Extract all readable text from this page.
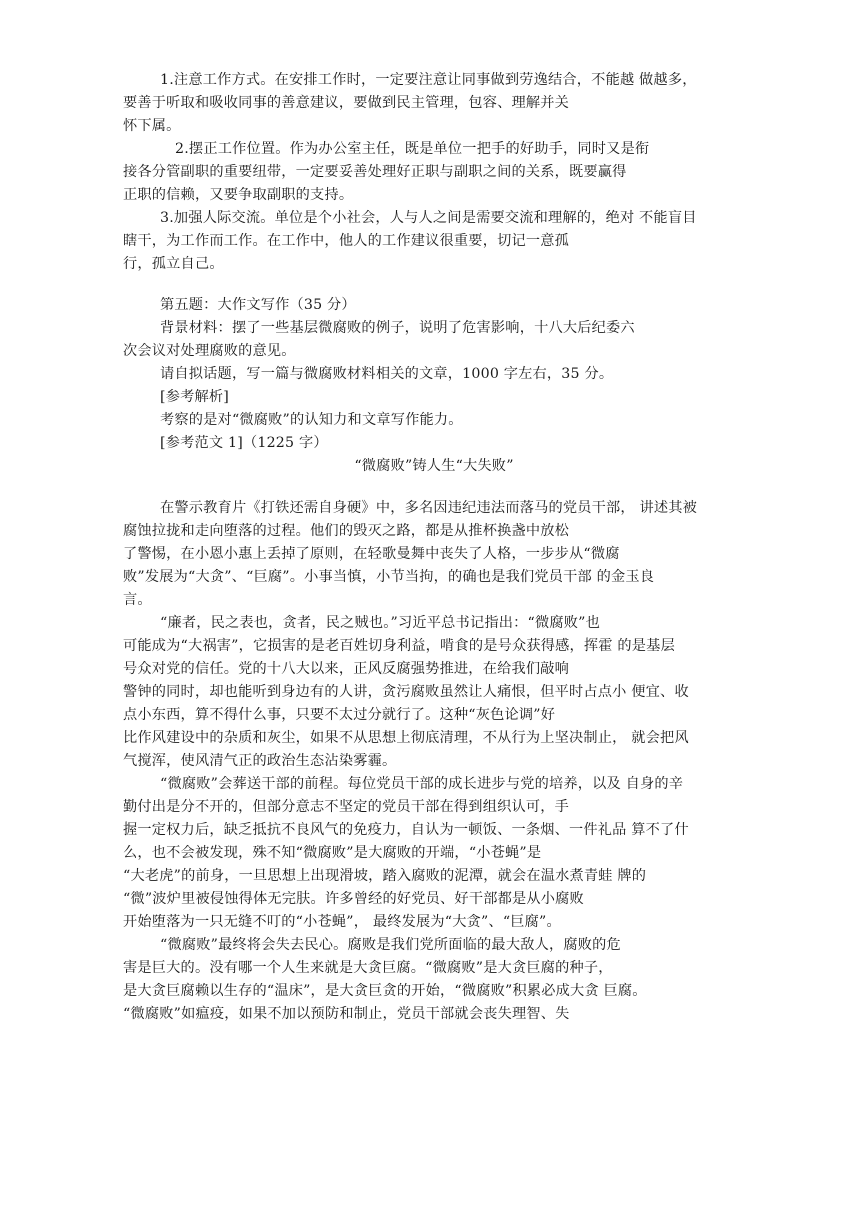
1.注意工作方式。在安排工作时，一定要注意让同事做到劳逸结合，不能越 做越多，
要善于听取和吸收同事的善意建议，要做到民主管理，包容、理解并关
怀下属。
2.摆正工作位置。作为办公室主任，既是单位一把手的好助手，同时又是衔
接各分管副职的重要纽带，一定要妥善处理好正职与副职之间的关系，既要赢得
正职的信赖，又要争取副职的支持。
3.加强人际交流。单位是个小社会，人与人之间是需要交流和理解的，绝对 不能盲目
瞎干，为工作而工作。在工作中，他人的工作建议很重要，切记一意孤
行，孤立自己。
第五题：大作文写作（35 分）
背景材料：摆了一些基层微腐败的例子，说明了危害影响，十八大后纪委六
次会议对处理腐败的意见。
请自拟话题，写一篇与微腐败材料相关的文章，1000 字左右，35 分。
[参考解析]
考察的是对“微腐败”的认知力和文章写作能力。
[参考范文 1]（1225 字）
“微腐败”铸人生“大失败”
在警示教育片《打铁还需自身硬》中，多名因违纪违法而落马的党员干部， 讲述其被
腐蚀拉拢和走向堕落的过程。他们的毁灭之路，都是从推杯换盏中放松
了警惕，在小恩小惠上丢掉了原则，在轻歌曼舞中丧失了人格，一步步从“微腐
败”发展为“大贪”、“巨腐”。小事当慎，小节当拘，的确也是我们党员干部 的金玉良
言。
“廉者，民之表也，贪者，民之贼也。”习近平总书记指出：“微腐败”也
可能成为“大祸害”，它损害的是老百姓切身利益，啃食的是号众获得感，挥霍 的是基层
号众对党的信任。党的十八大以来，正风反腐强势推进，在给我们敲响
警钟的同时，却也能听到身边有的人讲，贪污腐败虽然让人痛恨，但平时占点小 便宜、收
点小东西，算不得什么事，只要不太过分就行了。这种“灰色论调”好
比作风建设中的杂质和灰尘，如果不从思想上彻底清理，不从行为上坚决制止， 就会把风
气搅浑，使风清气正的政治生态沾染雾霾。
“微腐败”会葬送干部的前程。每位党员干部的成长进步与党的培养，以及 自身的辛
勤付出是分不开的，但部分意志不坚定的党员干部在得到组织认可，手
握一定权力后，缺乏抵抗不良风气的免疫力，自认为一顿饭、一条烟、一件礼品 算不了什
么，也不会被发现，殊不知“微腐败”是大腐败的开端，“小苍蝇”是
“大老虎”的前身，一旦思想上出现滑坡，踏入腐败的泥潭，就会在温水煮青蛙 牌的
“微”波炉里被侵蚀得体无完肤。许多曾经的好党员、好干部都是从小腐败
开始堕落为一只无缝不叮的“小苍蝇”， 最终发展为“大贪”、“巨腐”。
“微腐败”最终将会失去民心。腐败是我们党所面临的最大敌人，腐败的危
害是巨大的。没有哪一个人生来就是大贪巨腐。“微腐败”是大贪巨腐的种子，
是大贪巨腐赖以生存的“温床”，是大贪巨贪的开始，“微腐败”积累必成大贪 巨腐。
“微腐败”如瘟疫，如果不加以预防和制止，党员干部就会丧失理智、失
